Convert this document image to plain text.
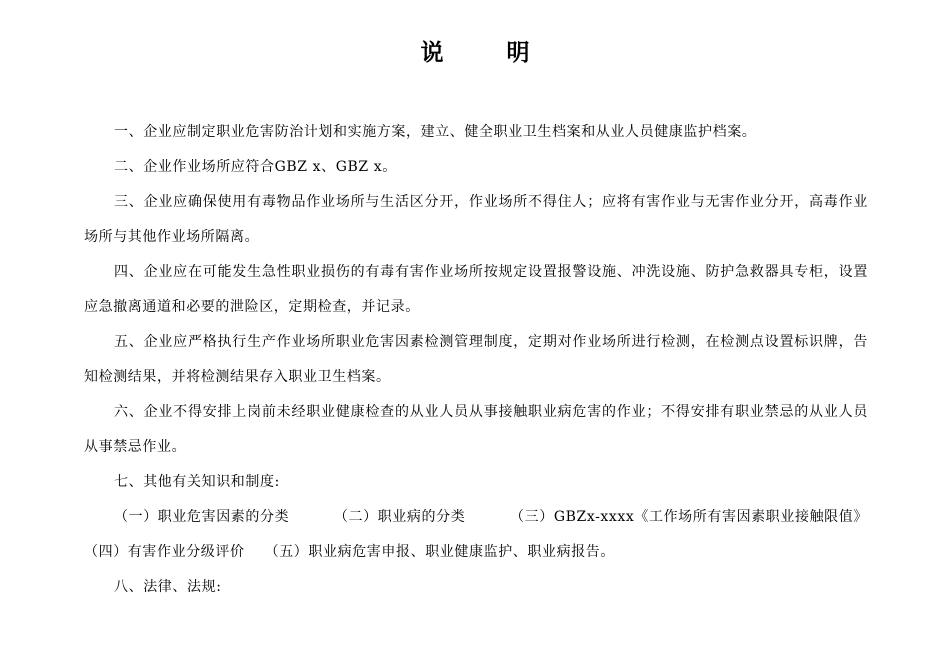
说　明

一、企业应制定职业危害防治计划和实施方案，建立、健全职业卫生档案和从业人员健康监护档案。

二、企业作业场所应符合GBZ x、GBZ x。

三、企业应确保使用有毒物品作业场所与生活区分开，作业场所不得住人；应将有害作业与无害作业分开，高毒作业场所与其他作业场所隔离。

四、企业应在可能发生急性职业损伤的有毒有害作业场所按规定设置报警设施、冲洗设施、防护急救器具专柜，设置应急撤离通道和必要的泄险区，定期检查，并记录。

五、企业应严格执行生产作业场所职业危害因素检测管理制度，定期对作业场所进行检测，在检测点设置标识牌，告知检测结果，并将检测结果存入职业卫生档案。

六、企业不得安排上岗前未经职业健康检查的从业人员从事接触职业病危害的作业；不得安排有职业禁忌的从业人员从事禁忌作业。

七、其他有关知识和制度:

（一）职业危害因素的分类	（二）职业病的分类	（三）GBZx-xxxx《工作场所有害因素职业接触限值》
（四）有害作业分级评价 （五）职业病危害申报、职业健康监护、职业病报告。

八、法律、法规:
